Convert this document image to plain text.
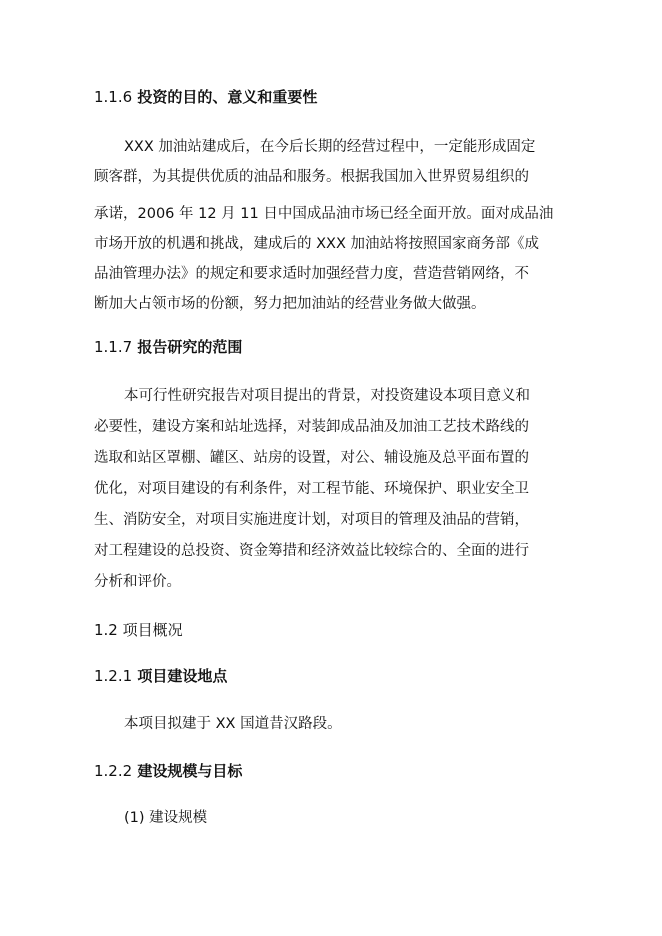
1.1.6 投资的目的、意义和重要性
XXX 加油站建成后，在今后长期的经营过程中，一定能形成固定
顾客群，为其提供优质的油品和服务。根据我国加入世界贸易组织的
承诺，2006 年 12 月 11 日中国成品油市场已经全面开放。面对成品油
市场开放的机遇和挑战，建成后的 XXX 加油站将按照国家商务部《成
品油管理办法》的规定和要求适时加强经营力度，营造营销网络，不
断加大占领市场的份额，努力把加油站的经营业务做大做强。
1.1.7 报告研究的范围
本可行性研究报告对项目提出的背景，对投资建设本项目意义和
必要性，建设方案和站址选择，对装卸成品油及加油工艺技术路线的
选取和站区罩棚、罐区、站房的设置，对公、辅设施及总平面布置的
优化，对项目建设的有利条件，对工程节能、环境保护、职业安全卫
生、消防安全，对项目实施进度计划，对项目的管理及油品的营销，
对工程建设的总投资、资金筹措和经济效益比较综合的、全面的进行
分析和评价。
1.2 项目概况
1.2.1 项目建设地点
本项目拟建于 XX 国道昔汉路段。
1.2.2 建设规模与目标
(1) 建设规模
